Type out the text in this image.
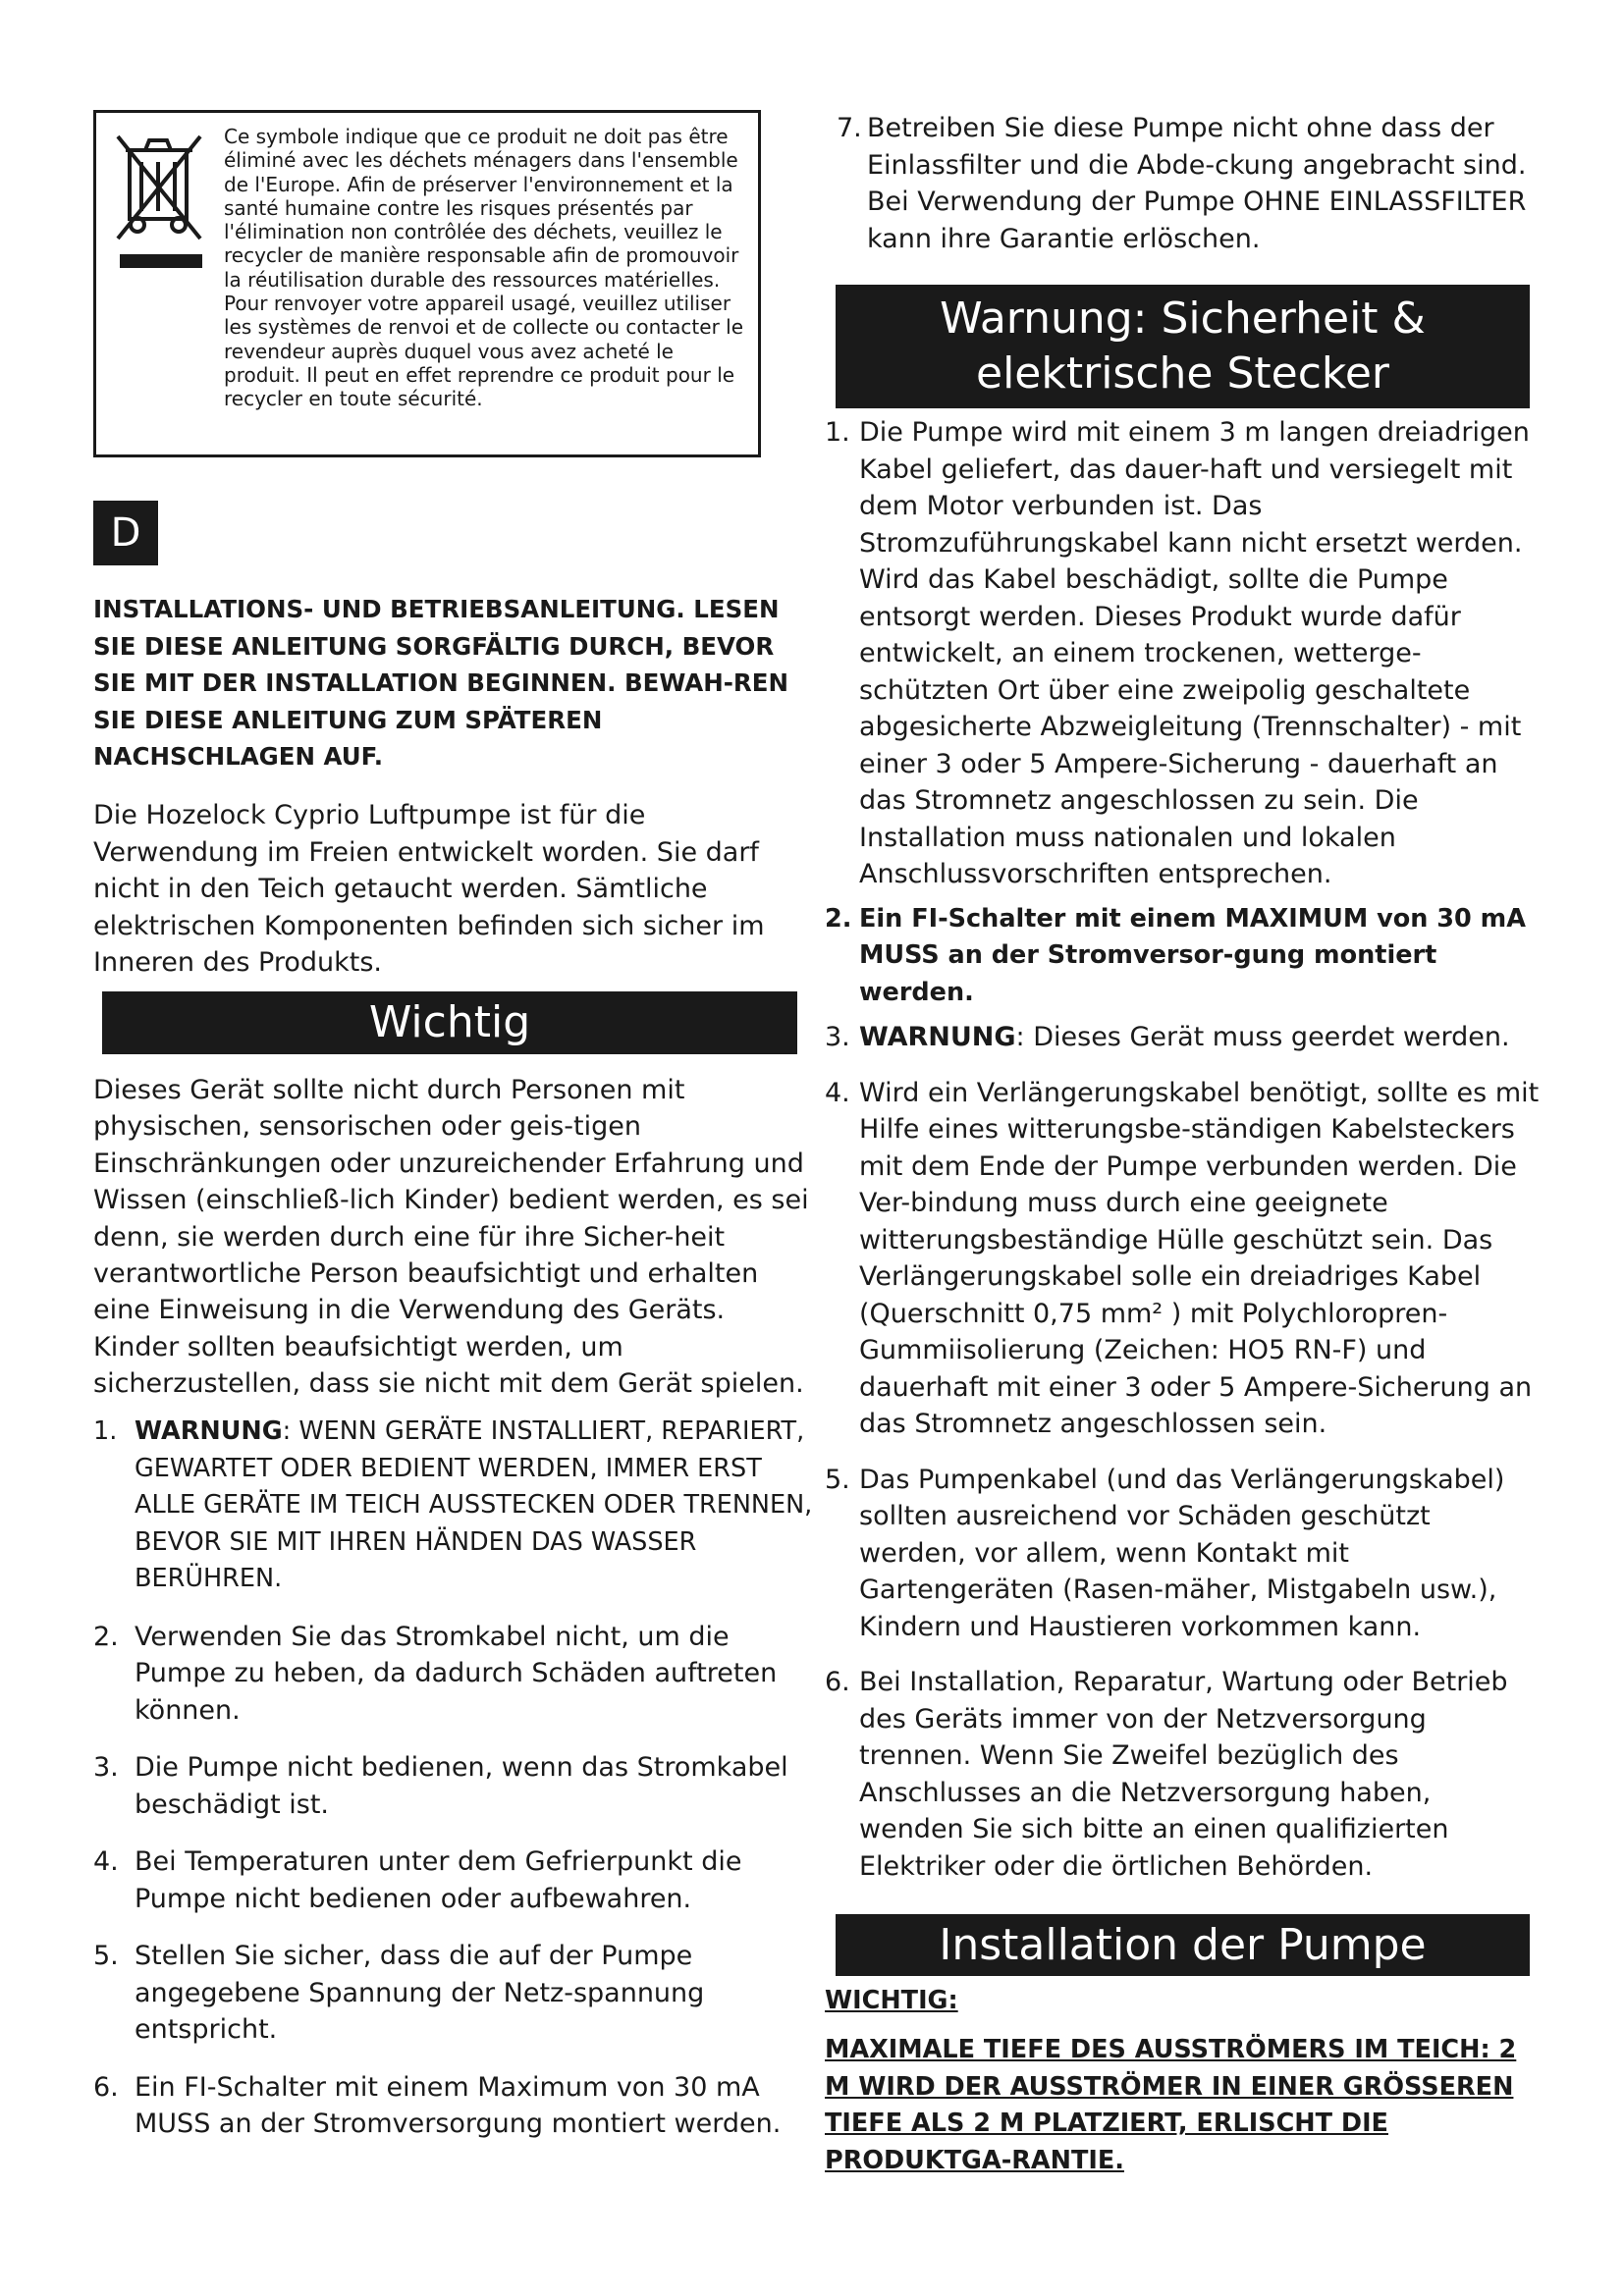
Ce symbole indique que ce produit ne doit pas être éliminé avec les déchets ménagers dans l'ensemble de l'Europe. Afin de préserver l'environnement et la santé humaine contre les risques présentés par l'élimination non contrôlée des déchets, veuillez le recycler de manière responsable afin de promouvoir la réutilisation durable des ressources matérielles. Pour renvoyer votre appareil usagé, veuillez utiliser les systèmes de renvoi et de collecte ou contacter le revendeur auprès duquel vous avez acheté le produit. Il peut en effet reprendre ce produit pour le recycler en toute sécurité.
D
INSTALLATIONS- UND BETRIEBSANLEITUNG. LESEN SIE DIESE ANLEITUNG SORGFÄLTIG DURCH, BEVOR SIE MIT DER INSTALLATION BEGINNEN. BEWAH-REN SIE DIESE ANLEITUNG ZUM SPÄTEREN NACHSCHLAGEN AUF.
Die Hozelock Cyprio Luftpumpe ist für die Verwendung im Freien entwickelt worden. Sie darf nicht in den Teich getaucht werden. Sämtliche elektrischen Komponenten befinden sich sicher im Inneren des Produkts.
Wichtig
Dieses Gerät sollte nicht durch Personen mit physischen, sensorischen oder geis-tigen Einschränkungen oder unzureichender Erfahrung und Wissen (einschließ-lich Kinder) bedient werden, es sei denn, sie werden durch eine für ihre Sicher-heit verantwortliche Person beaufsichtigt und erhalten eine Einweisung in die Verwendung des Geräts. Kinder sollten beaufsichtigt werden, um sicherzustellen, dass sie nicht mit dem Gerät spielen.
1. WARNUNG: WENN GERÄTE INSTALLIERT, REPARIERT, GEWARTET ODER BEDIENT WERDEN, IMMER ERST ALLE GERÄTE IM TEICH AUSSTECKEN ODER TRENNEN, BEVOR SIE MIT IHREN HÄNDEN DAS WASSER BERÜHREN.
2. Verwenden Sie das Stromkabel nicht, um die Pumpe zu heben, da dadurch Schäden auftreten können.
3. Die Pumpe nicht bedienen, wenn das Stromkabel beschädigt ist.
4. Bei Temperaturen unter dem Gefrierpunkt die Pumpe nicht bedienen oder aufbewahren.
5. Stellen Sie sicher, dass die auf der Pumpe angegebene Spannung der Netz-spannung entspricht.
6. Ein FI-Schalter mit einem Maximum von 30 mA MUSS an der Stromversorgung montiert werden.
7. Betreiben Sie diese Pumpe nicht ohne dass der Einlassfilter und die Abde-ckung angebracht sind. Bei Verwendung der Pumpe OHNE EINLASSFILTER kann ihre Garantie erlöschen.
Warnung: Sicherheit &
elektrische Stecker
1. Die Pumpe wird mit einem 3 m langen dreiadrigen Kabel geliefert, das dauer-haft und versiegelt mit dem Motor verbunden ist. Das Stromzuführungskabel kann nicht ersetzt werden. Wird das Kabel beschädigt, sollte die Pumpe entsorgt werden. Dieses Produkt wurde dafür entwickelt, an einem trockenen, wetterge-schützten Ort über eine zweipolig geschaltete abgesicherte Abzweigleitung (Trennschalter) - mit einer 3 oder 5 Ampere-Sicherung - dauerhaft an das Stromnetz angeschlossen zu sein. Die Installation muss nationalen und lokalen Anschlussvorschriften entsprechen.
2. Ein FI-Schalter mit einem MAXIMUM von 30 mA MUSS an der Stromversor-gung montiert werden.
3. WARNUNG: Dieses Gerät muss geerdet werden.
4. Wird ein Verlängerungskabel benötigt, sollte es mit Hilfe eines witterungsbe-ständigen Kabelsteckers mit dem Ende der Pumpe verbunden werden. Die Ver-bindung muss durch eine geeignete witterungsbeständige Hülle geschützt sein. Das Verlängerungskabel solle ein dreiadriges Kabel (Querschnitt 0,75 mm² ) mit Polychloropren-Gummiisolierung (Zeichen: HO5 RN-F) und dauerhaft mit einer 3 oder 5 Ampere-Sicherung an das Stromnetz angeschlossen sein.
5. Das Pumpenkabel (und das Verlängerungskabel) sollten ausreichend vor Schäden geschützt werden, vor allem, wenn Kontakt mit Gartengeräten (Rasen-mäher, Mistgabeln usw.), Kindern und Haustieren vorkommen kann.
6. Bei Installation, Reparatur, Wartung oder Betrieb des Geräts immer von der Netzversorgung trennen. Wenn Sie Zweifel bezüglich des Anschlusses an die Netzversorgung haben, wenden Sie sich bitte an einen qualifizierten Elektriker oder die örtlichen Behörden.
Installation der Pumpe
WICHTIG:
MAXIMALE TIEFE DES AUSSTRÖMERS IM TEICH: 2 M WIRD DER AUSSTRÖMER IN EINER GRÖSSEREN TIEFE ALS 2 M PLATZIERT, ERLISCHT DIE PRODUKTGA-RANTIE.
